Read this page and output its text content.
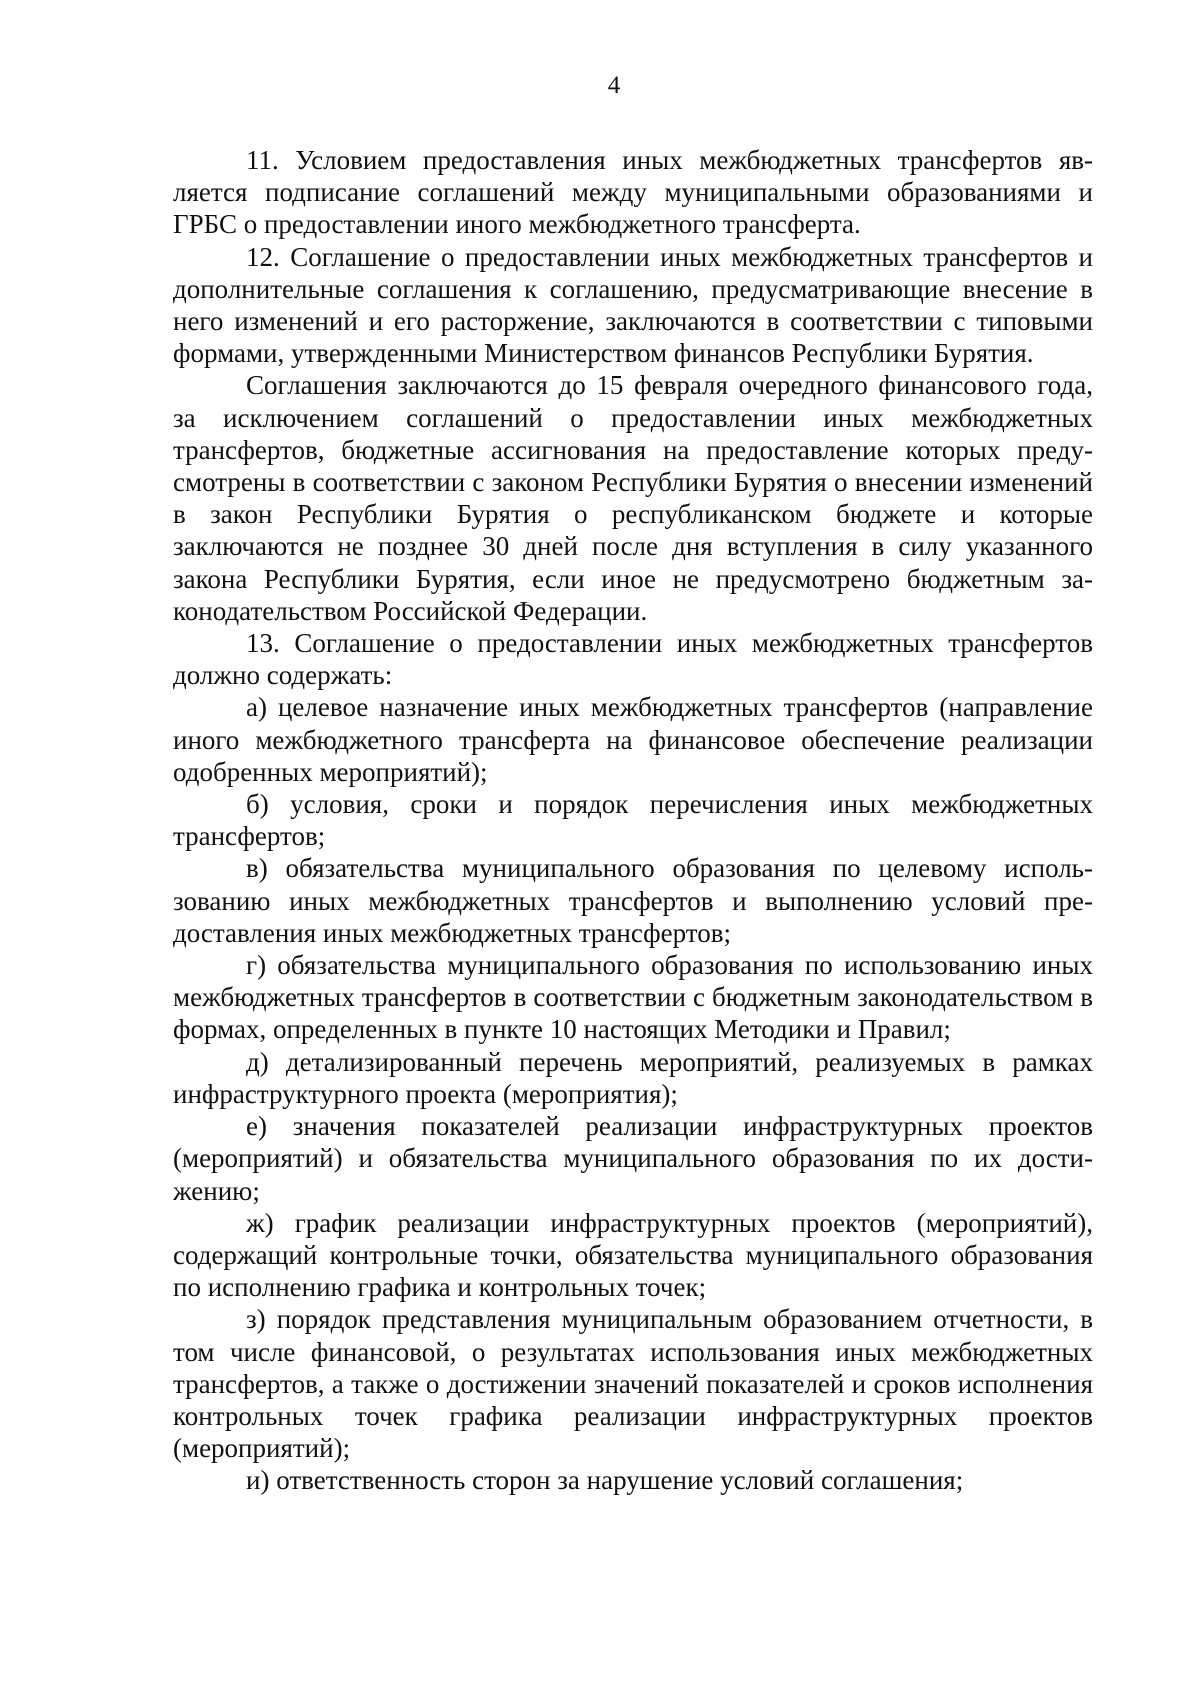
4

11. Условием предоставления иных межбюджетных трансфертов является подписание соглашений между муниципальными образованиями и ГРБС о предоставлении иного межбюджетного трансферта.

12. Соглашение о предоставлении иных межбюджетных трансфертов и дополнительные соглашения к соглашению, предусматривающие внесение в него изменений и его расторжение, заключаются в соответствии с типовыми формами, утвержденными Министерством финансов Республики Бурятия.

Соглашения заключаются до 15 февраля очередного финансового года, за исключением соглашений о предоставлении иных межбюджетных трансфертов, бюджетные ассигнования на предоставление которых предусмотрены в соответствии с законом Республики Бурятия о внесении изменений в закон Республики Бурятия о республиканском бюджете и которые заключаются не позднее 30 дней после дня вступления в силу указанного закона Республики Бурятия, если иное не предусмотрено бюджетным законодательством Российской Федерации.

13. Соглашение о предоставлении иных межбюджетных трансфертов должно содержать:

а) целевое назначение иных межбюджетных трансфертов (направление иного межбюджетного трансферта на финансовое обеспечение реализации одобренных мероприятий);

б) условия, сроки и порядок перечисления иных межбюджетных трансфертов;

в) обязательства муниципального образования по целевому использованию иных межбюджетных трансфертов и выполнению условий предоставления иных межбюджетных трансфертов;

г) обязательства муниципального образования по использованию иных межбюджетных трансфертов в соответствии с бюджетным законодательством в формах, определенных в пункте 10 настоящих Методики и Правил;

д) детализированный перечень мероприятий, реализуемых в рамках инфраструктурного проекта (мероприятия);

е) значения показателей реализации инфраструктурных проектов (мероприятий) и обязательства муниципального образования по их достижению;

ж) график реализации инфраструктурных проектов (мероприятий), содержащий контрольные точки, обязательства муниципального образования по исполнению графика и контрольных точек;

з) порядок представления муниципальным образованием отчетности, в том числе финансовой, о результатах использования иных межбюджетных трансфертов, а также о достижении значений показателей и сроков исполнения контрольных точек графика реализации инфраструктурных проектов (мероприятий);

и) ответственность сторон за нарушение условий соглашения;
